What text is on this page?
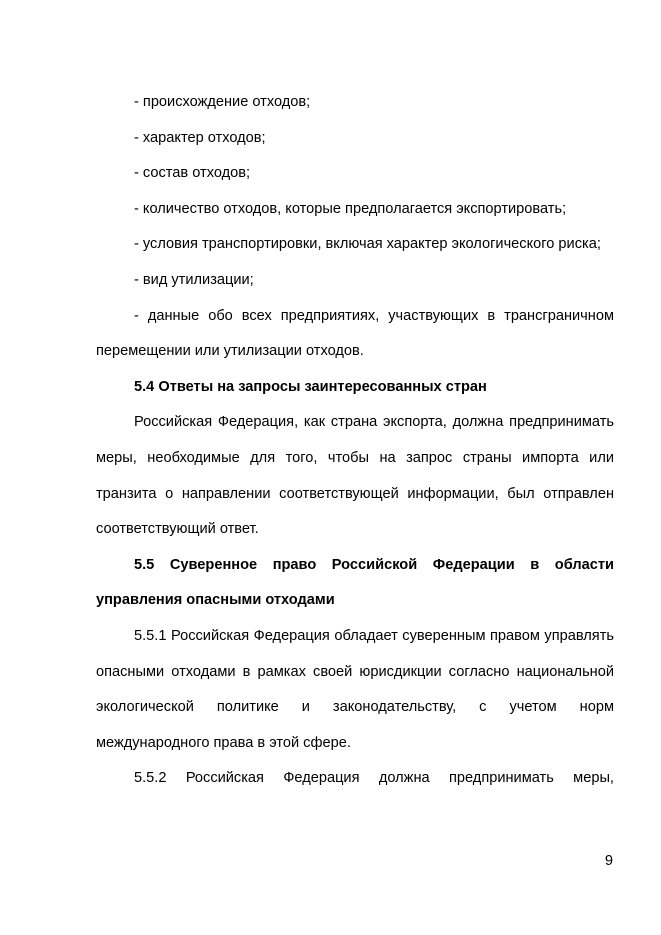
- происхождение отходов;

- характер отходов;

- состав отходов;

- количество отходов, которые предполагается экспортировать;

- условия транспортировки, включая характер экологического риска;

- вид утилизации;

- данные обо всех предприятиях, участвующих в трансграничном перемещении или утилизации отходов.

5.4 Ответы на запросы заинтересованных стран

Российская Федерация, как страна экспорта, должна предпринимать меры, необходимые для того, чтобы на запрос страны импорта или транзита о направлении соответствующей информации, был отправлен соответствующий ответ.

5.5 Суверенное право Российской Федерации в области управления опасными отходами

5.5.1 Российская Федерация обладает суверенным правом управлять опасными отходами в рамках своей юрисдикции согласно национальной экологической политике и законодательству, с учетом норм международного права в этой сфере.

5.5.2 Российская Федерация должна предпринимать меры,

9
